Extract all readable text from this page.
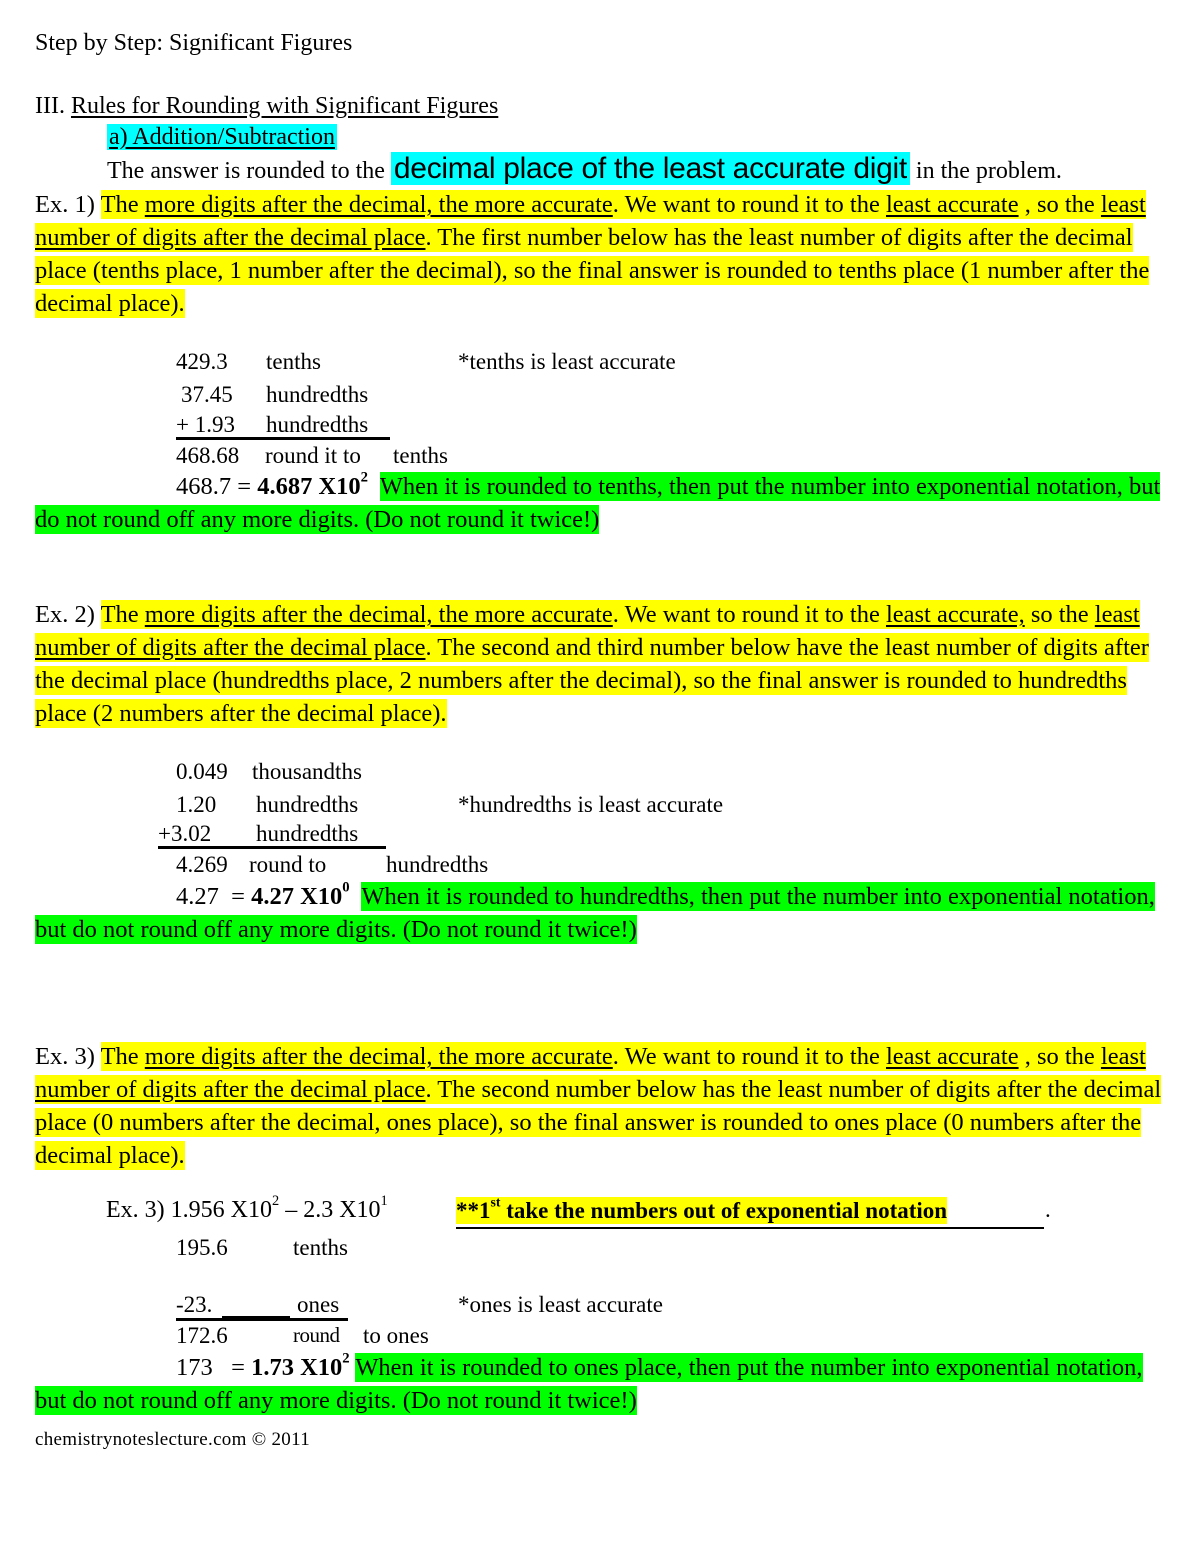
Step by Step: Significant Figures
III. Rules for Rounding with Significant Figures
a) Addition/Subtraction
The answer is rounded to the decimal place of the least accurate digit in the problem.
Ex. 1) The more digits after the decimal, the more accurate. We want to round it to the least accurate , so the least number of digits after the decimal place. The first number below has the least number of digits after the decimal place (tenths place, 1 number after the decimal), so the final answer is rounded to tenths place (1 number after the decimal place).
429.3 tenths	*tenths is least accurate
37.45 hundredths
+ 1.93 hundredths
468.68 round it to tenths
468.7 = 4.687 $X10^2$ When it is rounded to tenths, then put the number into exponential notation, but do not round off any more digits. (Do not round it twice!)
Ex. 2) The more digits after the decimal, the more accurate. We want to round it to the least accurate, so the least number of digits after the decimal place. The second and third number below have the least number of digits after the decimal place (hundredths place, 2 numbers after the decimal), so the final answer is rounded to hundredths place (2 numbers after the decimal place).
0.049 thousandths
1.20 hundredths	*hundredths is least accurate
+3.02 hundredths
4.269 round to	hundredths
4.27 = 4.27 $X10^0$ When it is rounded to hundredths, then put the number into exponential notation, but do not round off any more digits. (Do not round it twice!)
Ex. 3) The more digits after the decimal, the more accurate. We want to round it to the least accurate , so the least number of digits after the decimal place. The second number below has the least number of digits after the decimal place (0 numbers after the decimal, ones place), so the final answer is rounded to ones place (0 numbers after the decimal place).
Ex. 3) 1.956 $X10^2 - 2.3$ $X10^1$	**1st take the numbers out of exponential notation	.
195.6	tenths
-23.	ones	*ones is least accurate
172.6	round to ones
173 = 1.73 $X10^2$ When it is rounded to ones place, then put the number into exponential notation, but do not round off any more digits. (Do not round it twice!)
chemistrynoteslecture.com © 2011
